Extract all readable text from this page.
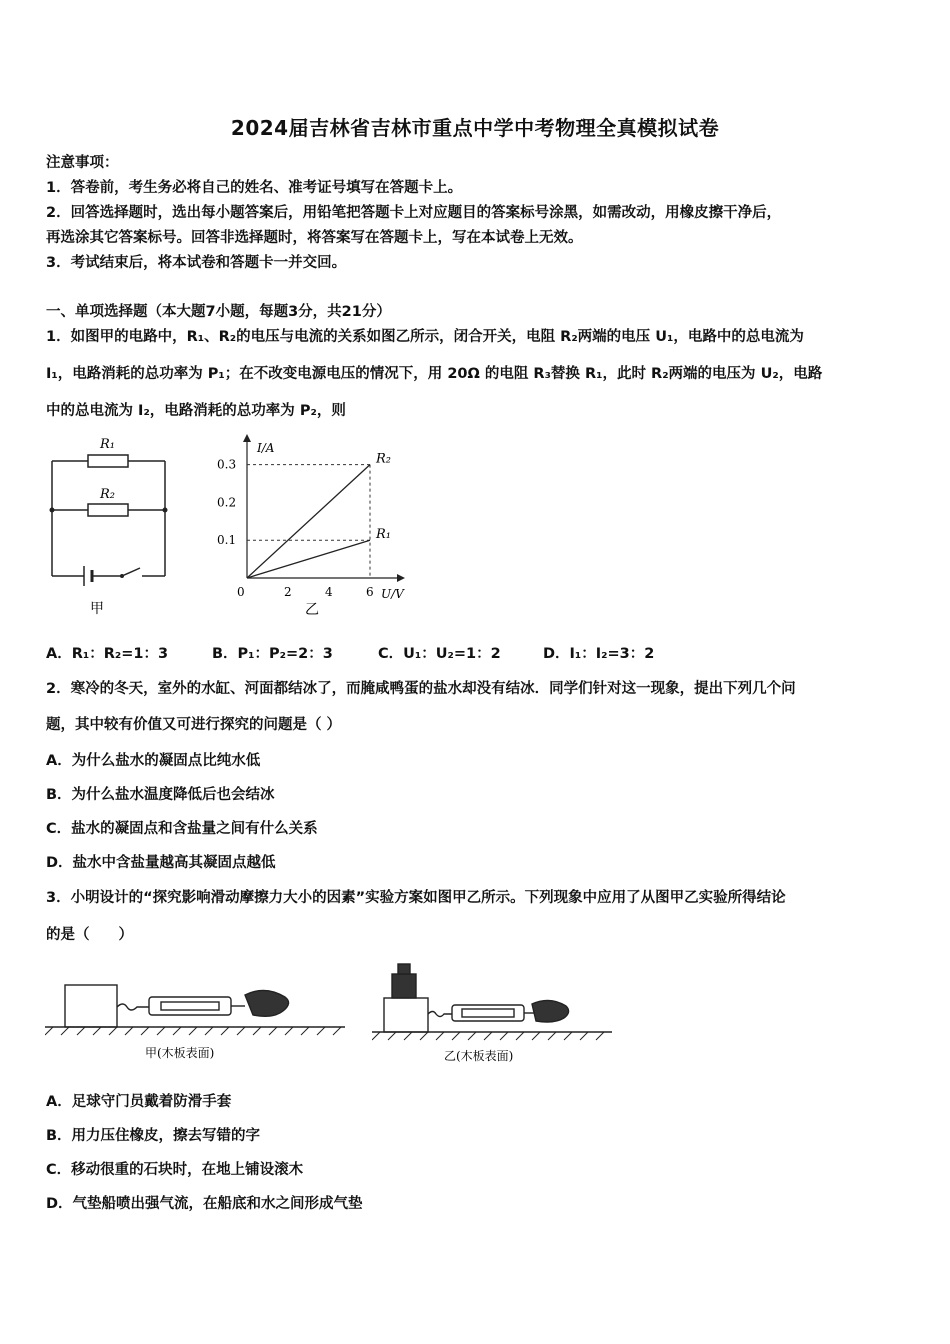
2024届吉林省吉林市重点中学中考物理全真模拟试卷
注意事项：
1．答卷前，考生务必将自己的姓名、准考证号填写在答题卡上。
2．回答选择题时，选出每小题答案后，用铅笔把答题卡上对应题目的答案标号涂黑，如需改动，用橡皮擦干净后，
再选涂其它答案标号。回答非选择题时，将答案写在答题卡上，写在本试卷上无效。
3．考试结束后，将本试卷和答题卡一并交回。
一、单项选择题（本大题7小题，每题3分，共21分）
1．如图甲的电路中，R₁、R₂的电压与电流的关系如图乙所示，闭合开关，电阻 R₂两端的电压 U₁，电路中的总电流为
I₁，电路消耗的总功率为 P₁；在不改变电源电压的情况下，用 20Ω 的电阻 R₃替换 R₁，此时 R₂两端的电压为 U₂，电路
中的总电流为 I₂，电路消耗的总功率为 P₂，则
R₁
R₂
甲
0	2	4	6
0.1
0.2
0.3	R₂
R₁
I/A
U/V
乙
A．R₁：R₂=1：3	B．P₁：P₂=2：3	C．U₁：U₂=1：2	D．I₁：I₂=3：2
2．寒冷的冬天，室外的水缸、河面都结冰了，而腌咸鸭蛋的盐水却没有结冰．同学们针对这一现象，提出下列几个问
题，其中较有价值又可进行探究的问题是（ ）
A．为什么盐水的凝固点比纯水低
B．为什么盐水温度降低后也会结冰
C．盐水的凝固点和含盐量之间有什么关系
D．盐水中含盐量越高其凝固点越低
3．小明设计的“探究影响滑动摩擦力大小的因素”实验方案如图甲乙所示。下列现象中应用了从图甲乙实验所得结论
的是（　　）
甲(木板表面)	乙(木板表面)
A．足球守门员戴着防滑手套
B．用力压住橡皮，擦去写错的字
C．移动很重的石块时，在地上铺设滚木
D．气垫船喷出强气流，在船底和水之间形成气垫
